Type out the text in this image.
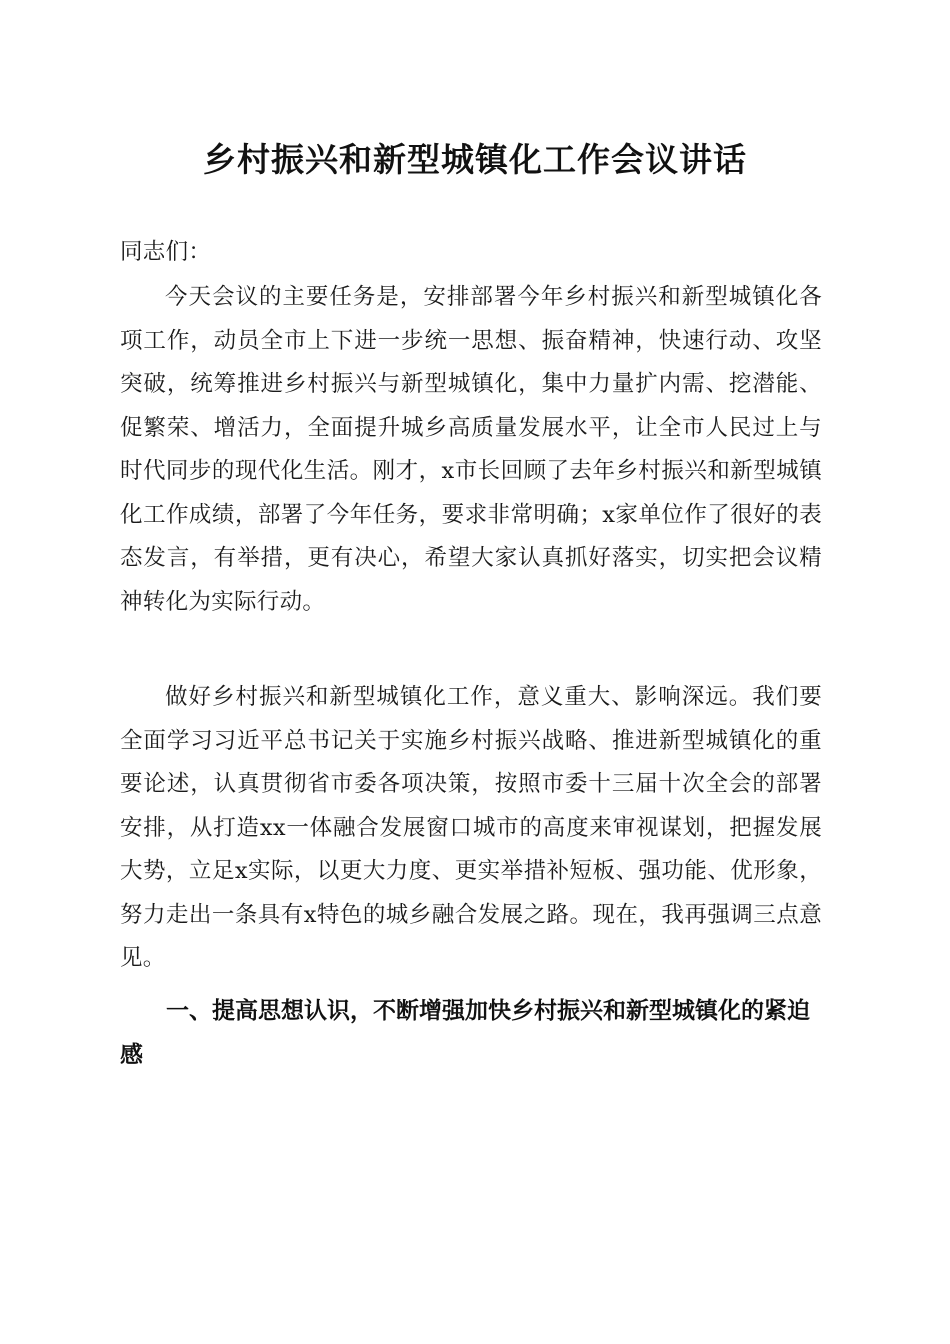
乡村振兴和新型城镇化工作会议讲话

同志们：

今天会议的主要任务是，安排部署今年乡村振兴和新型城镇化各项工作，动员全市上下进一步统一思想、振奋精神，快速行动、攻坚突破，统筹推进乡村振兴与新型城镇化，集中力量扩内需、挖潜能、促繁荣、增活力，全面提升城乡高质量发展水平，让全市人民过上与时代同步的现代化生活。刚才，x市长回顾了去年乡村振兴和新型城镇化工作成绩，部署了今年任务，要求非常明确；x家单位作了很好的表态发言，有举措，更有决心，希望大家认真抓好落实，切实把会议精神转化为实际行动。

做好乡村振兴和新型城镇化工作，意义重大、影响深远。我们要全面学习习近平总书记关于实施乡村振兴战略、推进新型城镇化的重要论述，认真贯彻省市委各项决策，按照市委十三届十次全会的部署安排，从打造xx一体融合发展窗口城市的高度来审视谋划，把握发展大势，立足x实际，以更大力度、更实举措补短板、强功能、优形象，努力走出一条具有x特色的城乡融合发展之路。现在，我再强调三点意见。

一、提高思想认识，不断增强加快乡村振兴和新型城镇化的紧迫感
